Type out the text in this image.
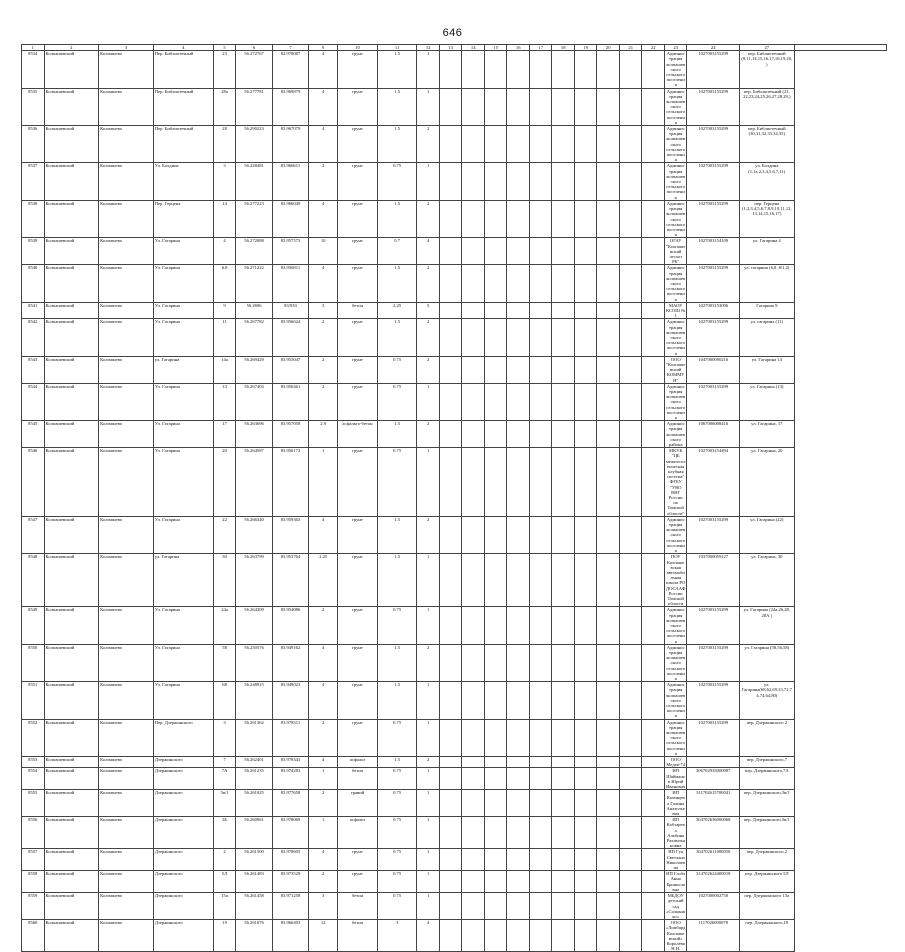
646
1	2	3	4	5	6	7	9	10	11	12	13	14	15	16	17	18	19	20	21	22	23	24	27	
8534	Колпашевский	Колпашево	Пер. Библиотечный	23	56.272767	82.978087	4	грунт	1.5	1											Администрация колпашевского сельского поселения	1027003155299	пер. Библиотечный (8,11,14,15,16,17,16,19,20,)	
8535	Колпашевский	Колпашево	Пер. Библиотечный	28а	56.277781	83.969879	4	грунт	1.5	1											Администрация колпашевского сельского поселения	1027003155299	пер. Библиотечный (21, 22,23,24,25,26,27,28,29,)	
8536	Колпашевский	Колпашево	Пер. Библиотечный	28	56.290223	83.967079	4	грунт	1.5	2											Администрация колпашевского сельского поселения	1027003155299	пер. Библиотечный (30,31,32,33,34,35)	
8537	Колпашевский	Колпашево	Ул. Болдина	3	56.228481	83.966611	2	грунт	0.75	1											Администрация колпашевского сельского поселения	1027003155299	ул. Болдина (1,1а,2,3,4,5,6,7,11)	
8538	Колпашевский	Колпашево	Пер. Герцена	14	56.277223	83.966049	4	грунт	1.5	2											Администрация колпашевского сельского поселения	1027003155299	пер. Герцена (1,2,3,4,5,6,7,8,9,10,11,12,13,14,15,16,17)	
8539	Колпашевский	Колпашево	Ул. Гагарина	4	56.272088	83.957573	10	грунт	0.7	4											ОГАУ "Колпашевский лесхоз РБ"	1027003154109	ул. Гагарина 4	
8540	Колпашевский	Колпашево	Ул. Гагарина	6,8	56.271222	83.956811	4	грунт	1.5	2											Администрация колпашевского сельского поселения	1027003155299	ул. гагарина (6,8 ,8/1,2)	
8541	Колпашевский	Колпашево	Ул. Гагарина	9	56.2696	83/933	3	бетон	2.25	5											МАОУ КСОШ № 1	1027003153096	Гагарина 9	
8542	Колпашевский	Колпашево	Ул. Гагарина	11	56.267782	83.956624	2	грунт	1.5	2											Администрация колпашевского сельского поселения	1027003155299	ул. гагарина (11)	
8543	Колпашевский	Колпашево	ул. Гагарина	14а	56.269429	83.955047	2	грунт	0.75	2											ООО "Колпашевский КОММУН"	1047000090216	ул. Гагарина 14	
8544	Колпашевский	Колпашево	Ул. Гагарина	13	56.267403	83.956461	2	грунт	0.75	1											Администрация колпашевского сельского поселения	1027003155299	ул. Гагарина (13)	
8545	Колпашевский	Колпашево	Ул. Гагарина	17	56.263696	83.957058	2.9	асфальто-бетон	1.5	2											Администрация колпашевского района	1067006008416	ул. Гагарина, 17	
8546	Колпашевский	Колпашево	Ул. Гагарина	20	56.264587	83.956172	1	грунт	0.75	1											МКУК "ЦБ межпоселенческая клубная система" ФГБУ "УВО ВНГ России по Томской области"	1027003154494	ул. Гагарина, 20	
8547	Колпашевский	Колпашево	Ул. Гагарина	22	56.266340	83.959363	4	грунт	1.5	2											Администрация колпашевского сельского поселения	1027003155299	ул. Гагарина (22)	
8548	Колпашевский	Колпашево	ул. Гагарина	30	56.263799	83.953764	2.25	грунт	1.5	1											ПОУ Колпашевская автомобильная школа РО ДОСААФ России Томской области	1037000059127	ул. Гагарина, 30	
8549	Колпашевский	Колпашево	Ул. Гагарина	24а	56.264309	83.954086	2	грунт	0.75	1											Администрация колпашевского сельского поселения	1027003155299	ул. Гагарина (24а,26,28, 28А )	
8550	Колпашевский	Колпашево	Ул. Гагарина	58	56.250576	83.949162	4	грунт	1.5	2											Администрация колпашевского сельского поселения	1027003155299	ул. Гагарина (58,56,58)	
8551	Колпашевский	Колпашево	Ул. Гагарина	68	56.248915	83.949023	4	грунт	1.5	1											Администрация колпашевского сельского поселения	1027003155299	ул. Гагарина(68,62,69,33,72,74,74,64,80)	
8552	Колпашевский	Колпашево	Пер. Дзержинского	3	56.261362	83.978311	2	грунт	0.75	1											Администрация колпашевского сельского поселения	1027003155299	пер. Дзержинского 2	
8553	Колпашевский	Колпашево	Дзержинского	7	56.262401	83.978343	4	асфальт	1.5	2											ООО Медея-74		пер. Дзержинского,7	
8554	Колпашевский	Колпашево	Дзержинского	7А	56.261235	83.974283	1	бетон	0.75	1											ИП Шайманов Юрий Иванович	306702935000087	пер. Дзержинского,7А	
8555	Колпашевский	Колпашево	Дзержинского	5в/1	56.261025	83.977658	2	гравий	0.75	1											ИП Казанцева Галина Анатольевна	311702615700041	пер. Дзержинского,5в/1	
8556	Колпашевский	Колпашево	Дзержинского	5Б	56.260961	83.978069	1	асфальт	0.75	1											ИП Кобзарева Альбина Рахимзьяновна	304702636000068	пер. Дзержинского,5в/1	
8557	Колпашевский	Колпашево	Дзержинского	2	56.261500	83.978605	4	грунт	0.75	1											ИП Гуц Светлана Николаевна	304702611000050	пер. Дзержинского,2	
8558	Колпашевский	Колпашево	Дзержинского	5Л	56.261483	83.973529	2	грунт	0.75	1											ИП Глоба Анна Брониславна	314702624400018	пер. Дзержинского 5Л	
8559	Колпашевский	Колпашево	Дзержинского	15а	56.261458	83.971258	3	бетон	0.75	1											МБДОУ детский сад «Солнышко»	1027000002750	пер. Дзержинского 15а	
8560	Колпашевский	Колпашево	Дзержинского	19	56.261676	83.966493	12	бетон	3	4											ООО «Ломбард Колпашевский» Королёва Н.Н.	1117026000078	пер. Дзержинского,19	
